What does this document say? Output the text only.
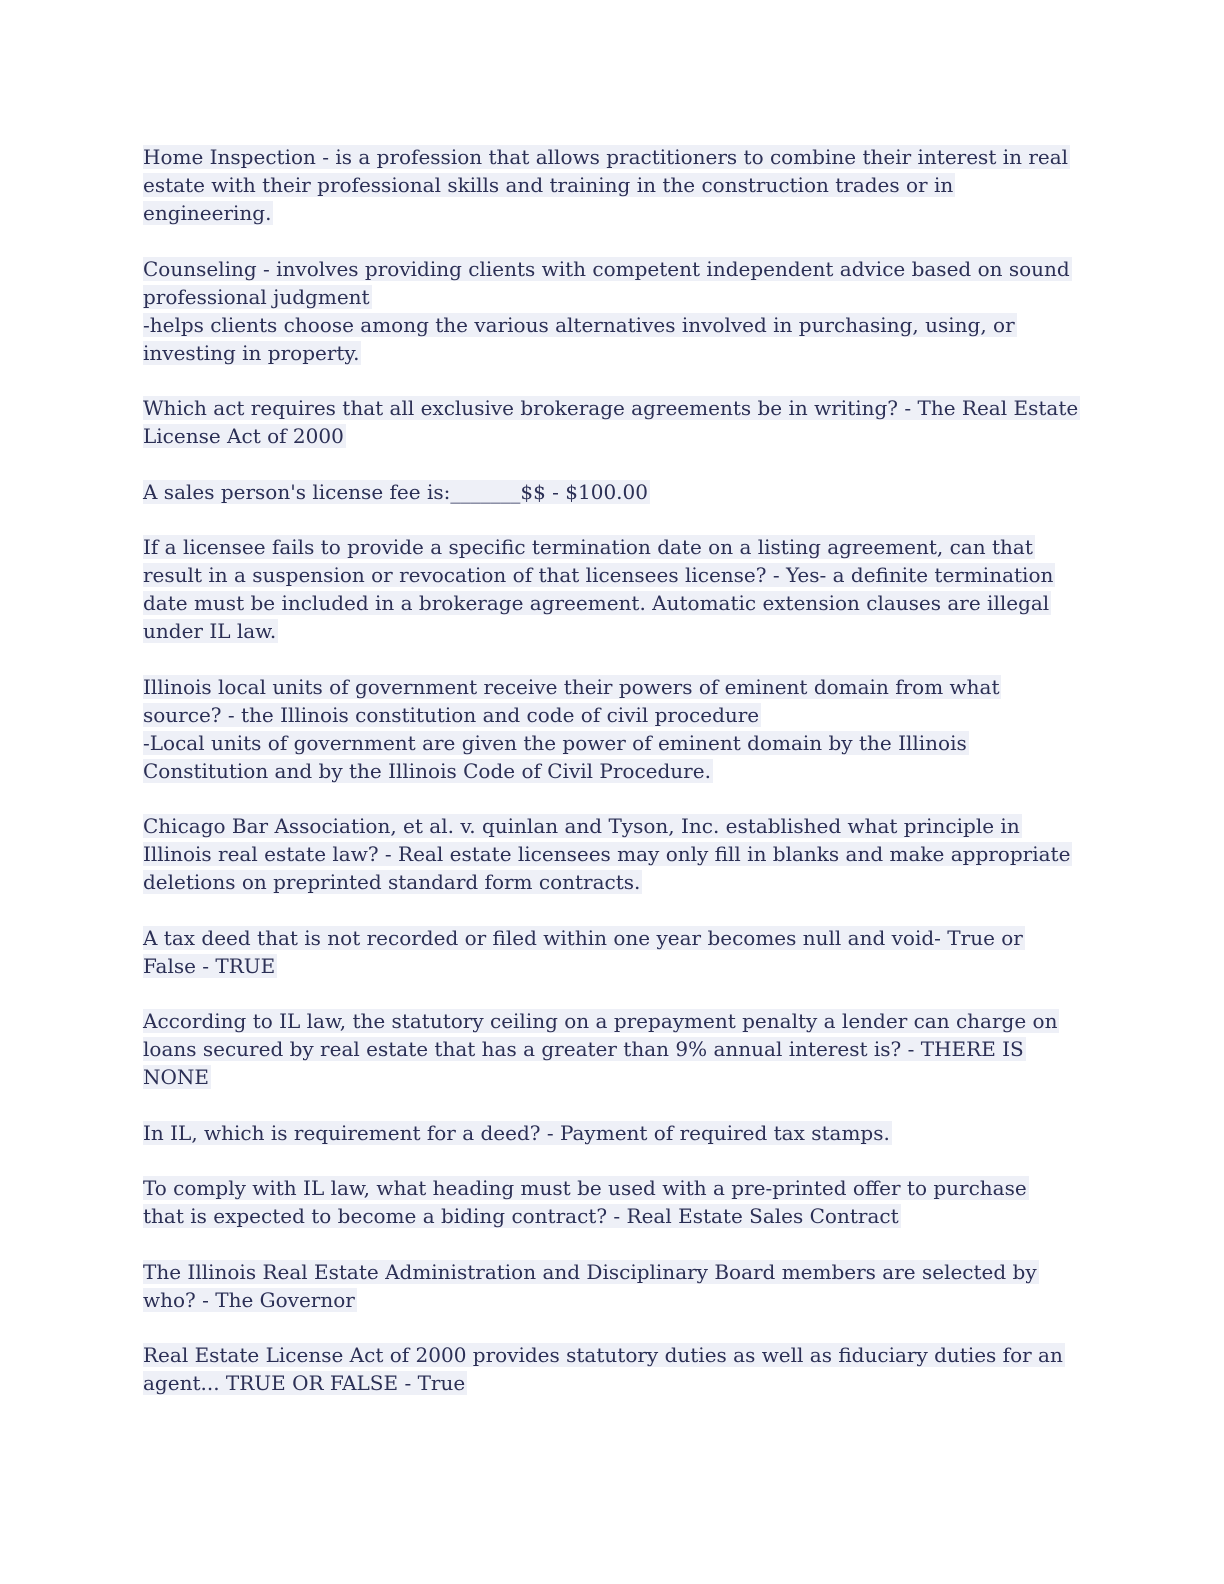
Home Inspection - is a profession that allows practitioners to combine their interest in real
estate with their professional skills and training in the construction trades or in
engineering.
Counseling - involves providing clients with competent independent advice based on sound
professional judgment
-helps clients choose among the various alternatives involved in purchasing, using, or
investing in property.
Which act requires that all exclusive brokerage agreements be in writing? - The Real Estate
License Act of 2000
A sales person's license fee is:_______$$ - $100.00
If a licensee fails to provide a specific termination date on a listing agreement, can that
result in a suspension or revocation of that licensees license? - Yes- a definite termination
date must be included in a brokerage agreement. Automatic extension clauses are illegal
under IL law.
Illinois local units of government receive their powers of eminent domain from what
source? - the Illinois constitution and code of civil procedure
-Local units of government are given the power of eminent domain by the Illinois
Constitution and by the Illinois Code of Civil Procedure.
Chicago Bar Association, et al. v. quinlan and Tyson, Inc. established what principle in
Illinois real estate law? - Real estate licensees may only fill in blanks and make appropriate
deletions on preprinted standard form contracts.
A tax deed that is not recorded or filed within one year becomes null and void- True or
False - TRUE
According to IL law, the statutory ceiling on a prepayment penalty a lender can charge on
loans secured by real estate that has a greater than 9% annual interest is? - THERE IS
NONE
In IL, which is requirement for a deed? - Payment of required tax stamps.
To comply with IL law, what heading must be used with a pre-printed offer to purchase
that is expected to become a biding contract? - Real Estate Sales Contract
The Illinois Real Estate Administration and Disciplinary Board members are selected by
who? - The Governor
Real Estate License Act of 2000 provides statutory duties as well as fiduciary duties for an
agent... TRUE OR FALSE - True
